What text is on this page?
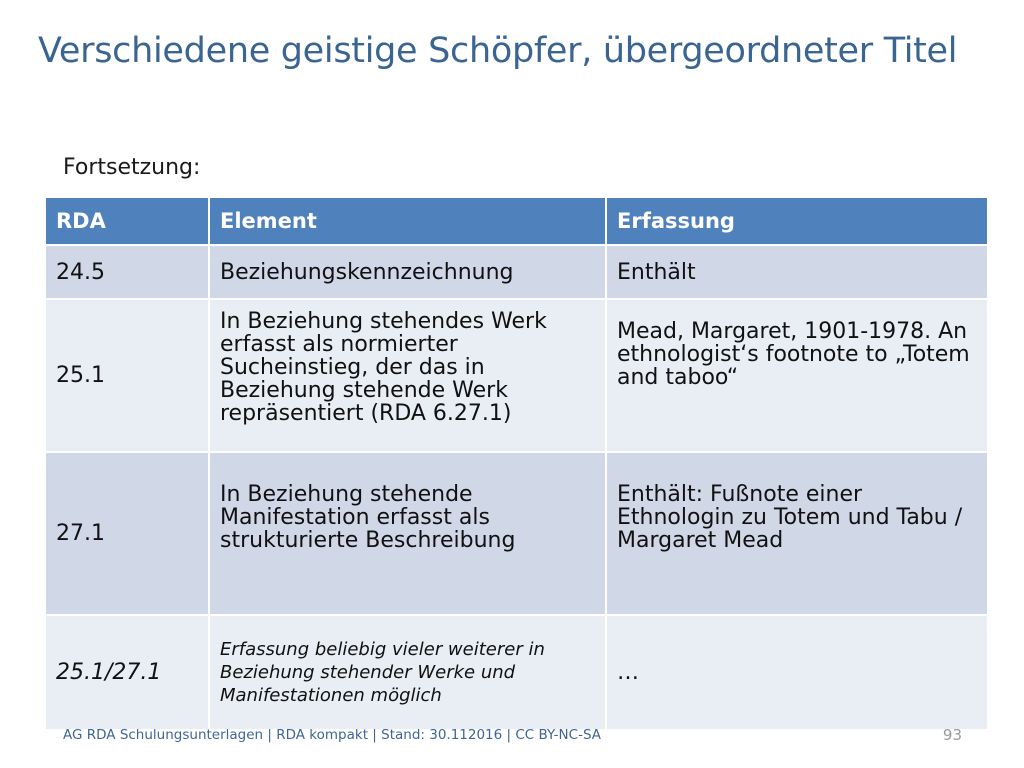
Verschiedene geistige Schöpfer, übergeordneter Titel
Fortsetzung:
RDA	Element	Erfassung
24.5	Beziehungskennzeichnung	Enthält
25.1	In Beziehung stehendes Werk erfasst als normierter Sucheinstieg, der das in Beziehung stehende Werk repräsentiert (RDA 6.27.1)	Mead, Margaret, 1901-1978. An ethnologist‘s footnote to „Totem and taboo“
27.1	In Beziehung stehende Manifestation erfasst als strukturierte Beschreibung	Enthält: Fußnote einer Ethnologin zu Totem und Tabu / Margaret Mead
25.1/27.1	Erfassung beliebig vieler weiterer in Beziehung stehender Werke und Manifestationen möglich	…
AG RDA Schulungsunterlagen | RDA kompakt | Stand: 30.112016 | CC BY-NC-SA	93
